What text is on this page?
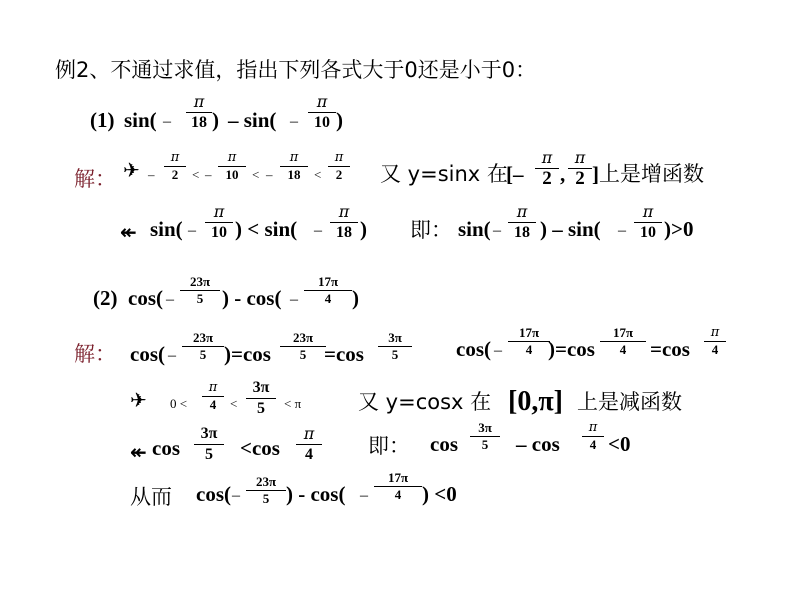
例2、不通过求值，指出下列各式大于0还是小于0：
(1) $\sin( - \frac{\pi}{18}$ ) – $\sin( - \frac{\pi}{10}$ )
解： ✈ – $\frac{\pi}{2}$ < – $\frac{\pi}{10}$ < – $\frac{\pi}{18} < \frac{\pi}{2}$ 又 y=sinx 在
[–
π
2 ,
π
2 ] 上是增函数
↞ $\sin( - \frac{\pi}{10}$ ) < $\sin( - \frac{\pi}{18}$ ) 即： $\sin( - \frac{\pi}{18}$ ) – $\sin( - \frac{\pi}{10} )>0$
(2) $\cos( - \frac{23\pi}{5}$ ) - $\cos( - \frac{17\pi}{4}$ )
解： $\cos( - \frac{23\pi}{5} )=\cos \frac{23\pi}{5}$
$=\cos \frac{3\pi}{5} \cos( - \frac{17\pi}{4}$
)$=\cos \frac{17\pi}{4} =\cos \frac{\pi}{4}$
✈ $0 < \frac{\pi}{4} < \frac{3\pi}{5} < \pi$	又 y=cosx 在 [0,π] 上是减函数
↞ $\cos \frac{3\pi}{5} <\cos \frac{\pi}{4}$ 即： $\cos \frac{3\pi}{5} - \cos \frac{\pi}{4} <0$
从而 $\cos( - \frac{23\pi}{5}$ ) - $\cos( - \frac{17\pi}{4}$ ) <0
